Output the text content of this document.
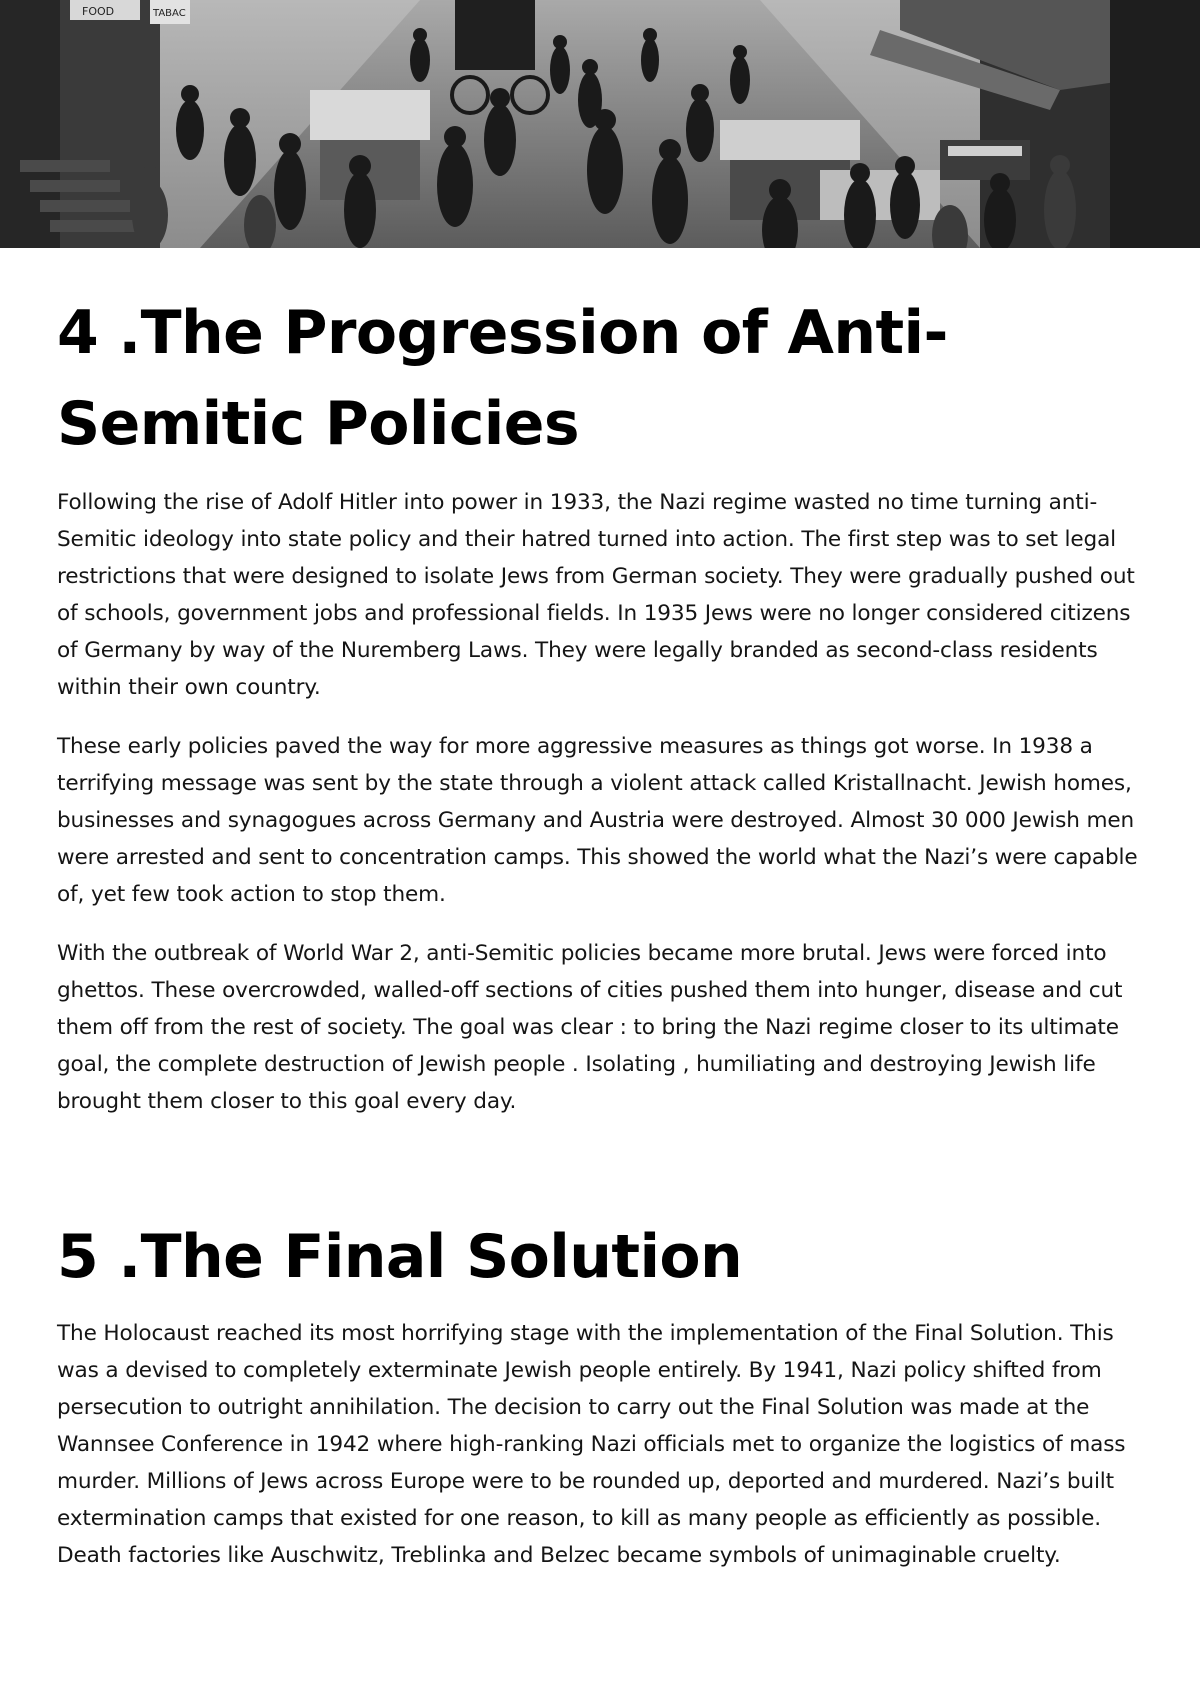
FOOD	TABAC
4 .The Progression of Anti-Semitic Policies

Following the rise of Adolf Hitler into power in 1933, the Nazi regime wasted no time turning anti-Semitic ideology into state policy and their hatred turned into action. The first step was to set legal restrictions that were designed to isolate Jews from German society. They were gradually pushed out of schools, government jobs and professional fields. In 1935 Jews were no longer considered citizens of Germany by way of the Nuremberg Laws. They were legally branded as second-class residents within their own country.

These early policies paved the way for more aggressive measures as things got worse. In 1938 a terrifying message was sent by the state through a violent attack called Kristallnacht. Jewish homes, businesses and synagogues across Germany and Austria were destroyed. Almost 30 000 Jewish men were arrested and sent to concentration camps. This showed the world what the Nazi’s were capable of, yet few took action to stop them.

With the outbreak of World War 2, anti-Semitic policies became more brutal. Jews were forced into ghettos. These overcrowded, walled-off sections of cities pushed them into hunger, disease and cut them off from the rest of society. The goal was clear : to bring the Nazi regime closer to its ultimate goal, the complete destruction of Jewish people . Isolating , humiliating and destroying Jewish life brought them closer to this goal every day.

5 .The Final Solution

The Holocaust reached its most horrifying stage with the implementation of the Final Solution. This was a devised to completely exterminate Jewish people entirely. By 1941, Nazi policy shifted from persecution to outright annihilation. The decision to carry out the Final Solution was made at the Wannsee Conference in 1942 where high-ranking Nazi officials met to organize the logistics of mass murder. Millions of Jews across Europe were to be rounded up, deported and murdered. Nazi’s built extermination camps that existed for one reason, to kill as many people as efficiently as possible. Death factories like Auschwitz, Treblinka and Belzec became symbols of unimaginable cruelty.
